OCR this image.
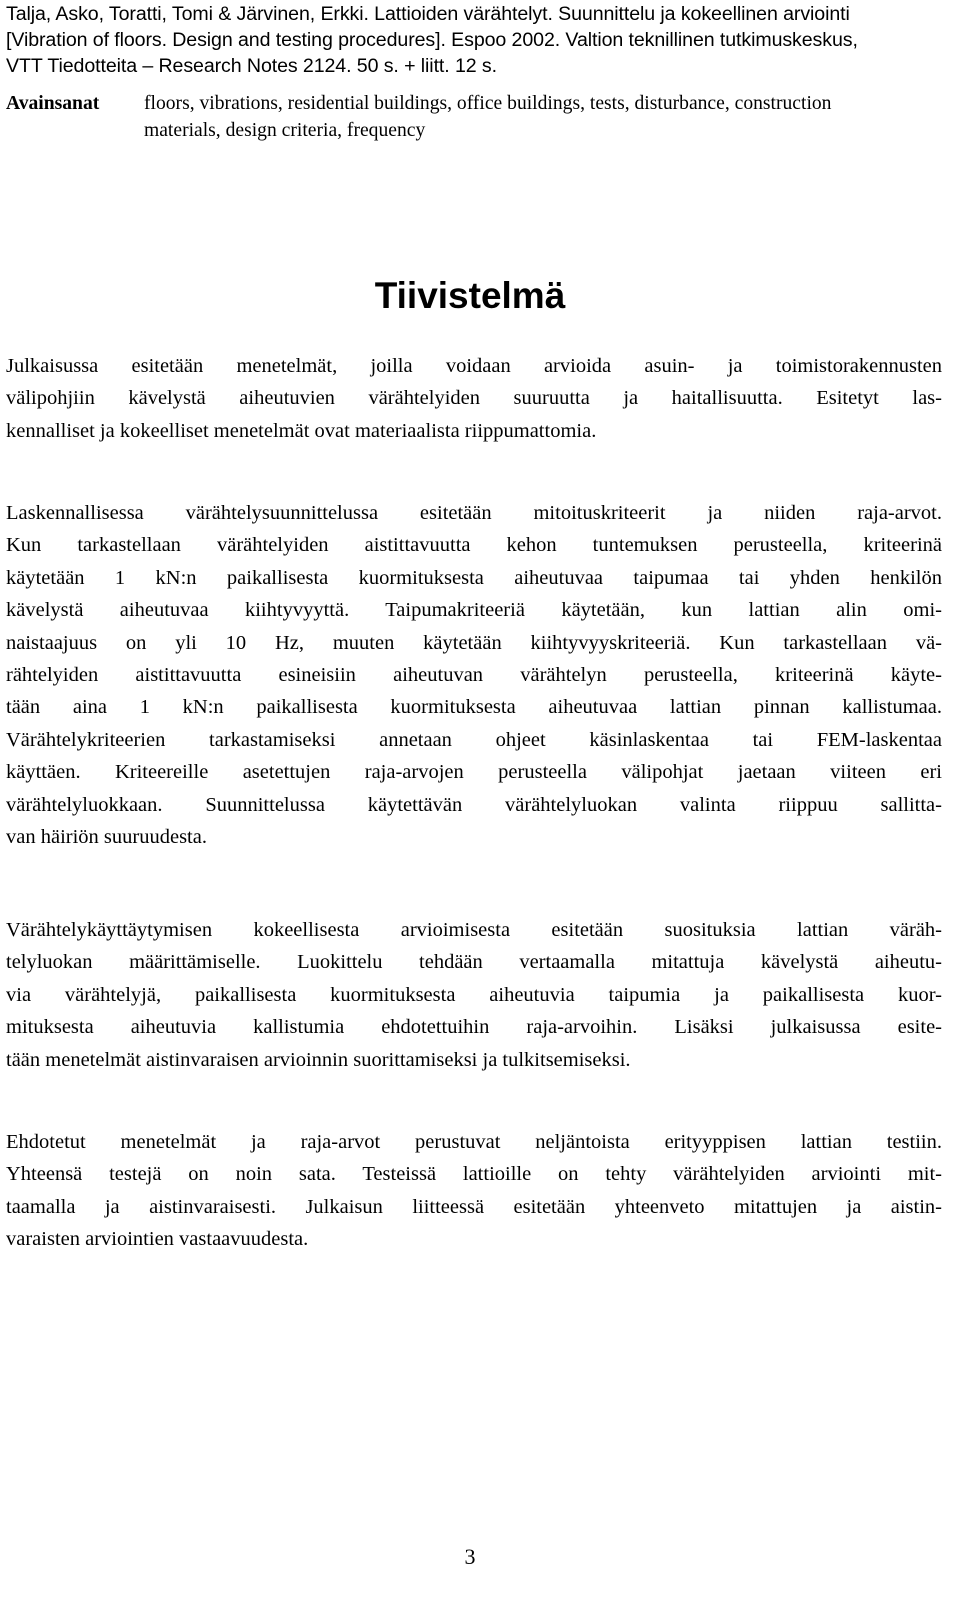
Talja, Asko, Toratti, Tomi & Järvinen, Erkki. Lattioiden värähtelyt. Suunnittelu ja kokeellinen arviointi
[Vibration of floors. Design and testing procedures]. Espoo 2002. Valtion teknillinen tutkimuskeskus,
VTT Tiedotteita – Research Notes 2124. 50 s. + liitt. 12 s.
Avainsanat floors, vibrations, residential buildings, office buildings, tests, disturbance, construction
materials, design criteria, frequency
Tiivistelmä
Julkaisussa esitetään menetelmät, joilla voidaan arvioida asuin- ja toimistorakennusten
välipohjiin kävelystä aiheutuvien värähtelyiden suuruutta ja haitallisuutta. Esitetyt las-
kennalliset ja kokeelliset menetelmät ovat materiaalista riippumattomia.
Laskennallisessa värähtelysuunnittelussa esitetään mitoituskriteerit ja niiden raja-arvot.
Kun tarkastellaan värähtelyiden aistittavuutta kehon tuntemuksen perusteella, kriteerinä
käytetään 1 kN:n paikallisesta kuormituksesta aiheutuvaa taipumaa tai yhden henkilön
kävelystä aiheutuvaa kiihtyvyyttä. Taipumakriteeriä käytetään, kun lattian alin omi-
naistaajuus on yli 10 Hz, muuten käytetään kiihtyvyyskriteeriä. Kun tarkastellaan vä-
rähtelyiden aistittavuutta esineisiin aiheutuvan värähtelyn perusteella, kriteerinä käyte-
tään aina 1 kN:n paikallisesta kuormituksesta aiheutuvaa lattian pinnan kallistumaa.
Värähtelykriteerien tarkastamiseksi annetaan ohjeet käsinlaskentaa tai FEM-laskentaa
käyttäen. Kriteereille asetettujen raja-arvojen perusteella välipohjat jaetaan viiteen eri
värähtelyluokkaan. Suunnittelussa käytettävän värähtelyluokan valinta riippuu sallitta-
van häiriön suuruudesta.
Värähtelykäyttäytymisen kokeellisesta arvioimisesta esitetään suosituksia lattian väräh-
telyluokan määrittämiselle. Luokittelu tehdään vertaamalla mitattuja kävelystä aiheutu-
via värähtelyjä, paikallisesta kuormituksesta aiheutuvia taipumia ja paikallisesta kuor-
mituksesta aiheutuvia kallistumia ehdotettuihin raja-arvoihin. Lisäksi julkaisussa esite-
tään menetelmät aistinvaraisen arvioinnin suorittamiseksi ja tulkitsemiseksi.
Ehdotetut menetelmät ja raja-arvot perustuvat neljäntoista erityyppisen lattian testiin.
Yhteensä testejä on noin sata. Testeissä lattioille on tehty värähtelyiden arviointi mit-
taamalla ja aistinvaraisesti. Julkaisun liitteessä esitetään yhteenveto mitattujen ja aistin-
varaisten arviointien vastaavuudesta.
3
